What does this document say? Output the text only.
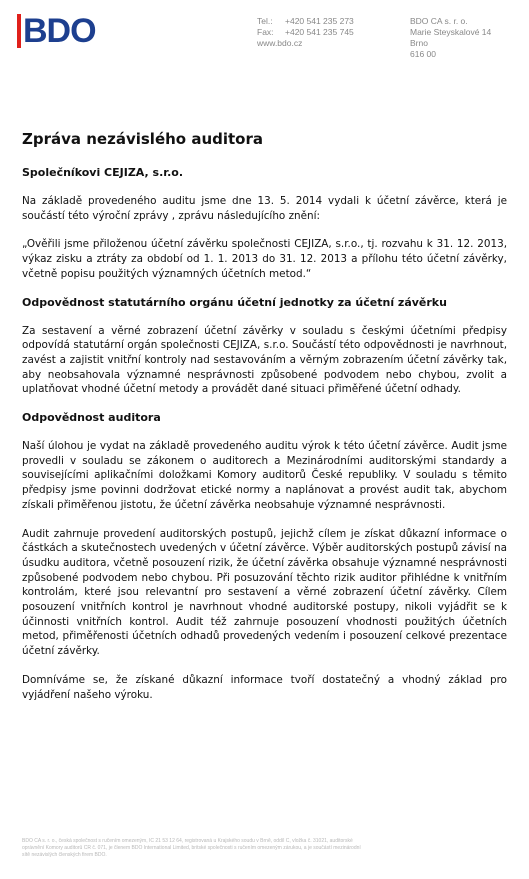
BDO	Tel.: +420 541 235 273
Fax: +420 541 235 745
www.bdo.cz
BDO CA s. r. o.
Marie Steyskalové 14
Brno
616 00
Zpráva nezávislého auditora

Společníkovi CEJIZA, s.r.o.

Na základě provedeného auditu jsme dne 13. 5. 2014 vydali k účetní závěrce, která je součástí této výroční zprávy , zprávu následujícího znění:

„Ověřili jsme přiloženou účetní závěrku společnosti CEJIZA, s.r.o., tj. rozvahu k 31. 12. 2013, výkaz zisku a ztráty za období od 1. 1. 2013 do 31. 12. 2013 a přílohu této účetní závěrky, včetně popisu použitých významných účetních metod.“

Odpovědnost statutárního orgánu účetní jednotky za účetní závěrku

Za sestavení a věrné zobrazení účetní závěrky v souladu s českými účetními předpisy odpovídá statutární orgán společnosti CEJIZA, s.r.o. Součástí této odpovědnosti je navrhnout, zavést a zajistit vnitřní kontroly nad sestavováním a věrným zobrazením účetní závěrky tak, aby neobsahovala významné nesprávnosti způsobené podvodem nebo chybou, zvolit a uplatňovat vhodné účetní metody a provádět dané situaci přiměřené účetní odhady.

Odpovědnost auditora

Naší úlohou je vydat na základě provedeného auditu výrok k této účetní závěrce. Audit jsme provedli v souladu se zákonem o auditorech a Mezinárodními auditorskými standardy a souvisejícími aplikačními doložkami Komory auditorů České republiky. V souladu s těmito předpisy jsme povinni dodržovat etické normy a naplánovat a provést audit tak, abychom získali přiměřenou jistotu, že účetní závěrka neobsahuje významné nesprávnosti.

Audit zahrnuje provedení auditorských postupů, jejichž cílem je získat důkazní informace o částkách a skutečnostech uvedených v účetní závěrce. Výběr auditorských postupů závisí na úsudku auditora, včetně posouzení rizik, že účetní závěrka obsahuje významné nesprávnosti způsobené podvodem nebo chybou. Při posuzování těchto rizik auditor přihlédne k vnitřním kontrolám, které jsou relevantní pro sestavení a věrné zobrazení účetní závěrky. Cílem posouzení vnitřních kontrol je navrhnout vhodné auditorské postupy, nikoli vyjádřit se k účinnosti vnitřních kontrol. Audit též zahrnuje posouzení vhodnosti použitých účetních metod, přiměřenosti účetních odhadů provedených vedením i posouzení celkové prezentace účetní závěrky.

Domníváme se, že získané důkazní informace tvoří dostatečný a vhodný základ pro vyjádření našeho výroku.

BDO CA s. r. o., česká společnost s ručením omezeným, IČ 21 53 12 64, registrovaná u Krajského soudu v Brně, oddíl C, vložka č. 31021, auditorské
oprávnění Komory auditorů ČR č. 071, je členem BDO International Limited, britské společnosti s ručením omezeným zárukou, a je součástí mezinárodní
sítě nezávislých členských firem BDO.
